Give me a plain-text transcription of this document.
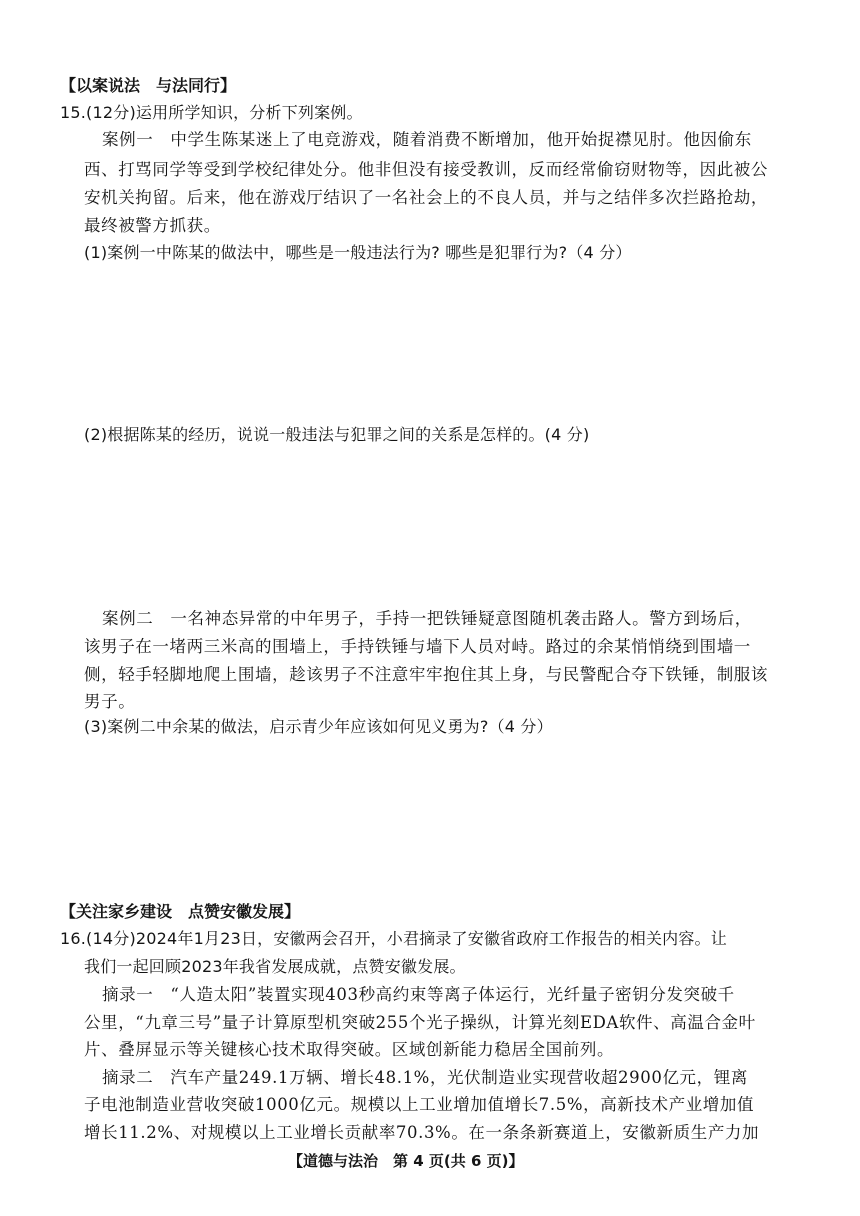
【以案说法　与法同行】
15.(12分)运用所学知识，分析下列案例。
案例一　中学生陈某迷上了电竞游戏，随着消费不断增加，他开始捉襟见肘。他因偷东
西、打骂同学等受到学校纪律处分。他非但没有接受教训，反而经常偷窃财物等，因此被公
安机关拘留。后来，他在游戏厅结识了一名社会上的不良人员，并与之结伴多次拦路抢劫，
最终被警方抓获。
(1)案例一中陈某的做法中，哪些是一般违法行为? 哪些是犯罪行为?（4 分）
(2)根据陈某的经历，说说一般违法与犯罪之间的关系是怎样的。(4 分)
案例二　一名神态异常的中年男子，手持一把铁锤疑意图随机袭击路人。警方到场后，
该男子在一堵两三米高的围墙上，手持铁锤与墙下人员对峙。路过的余某悄悄绕到围墙一
侧，轻手轻脚地爬上围墙，趁该男子不注意牢牢抱住其上身，与民警配合夺下铁锤，制服该
男子。
(3)案例二中余某的做法，启示青少年应该如何见义勇为?（4 分）
【关注家乡建设　点赞安徽发展】
16.(14分)2024年1月23日，安徽两会召开，小君摘录了安徽省政府工作报告的相关内容。让
我们一起回顾2023年我省发展成就，点赞安徽发展。
摘录一　“人造太阳”装置实现403秒高约束等离子体运行，光纤量子密钥分发突破千
公里，“九章三号”量子计算原型机突破255个光子操纵，计算光刻EDA软件、高温合金叶
片、叠屏显示等关键核心技术取得突破。区域创新能力稳居全国前列。
摘录二　汽车产量249.1万辆、增长48.1%，光伏制造业实现营收超2900亿元，锂离
子电池制造业营收突破1000亿元。规模以上工业增加值增长7.5%，高新技术产业增加值
增长11.2%、对规模以上工业增长贡献率70.3%。在一条条新赛道上，安徽新质生产力加
【道德与法治　第 4 页(共 6 页)】
